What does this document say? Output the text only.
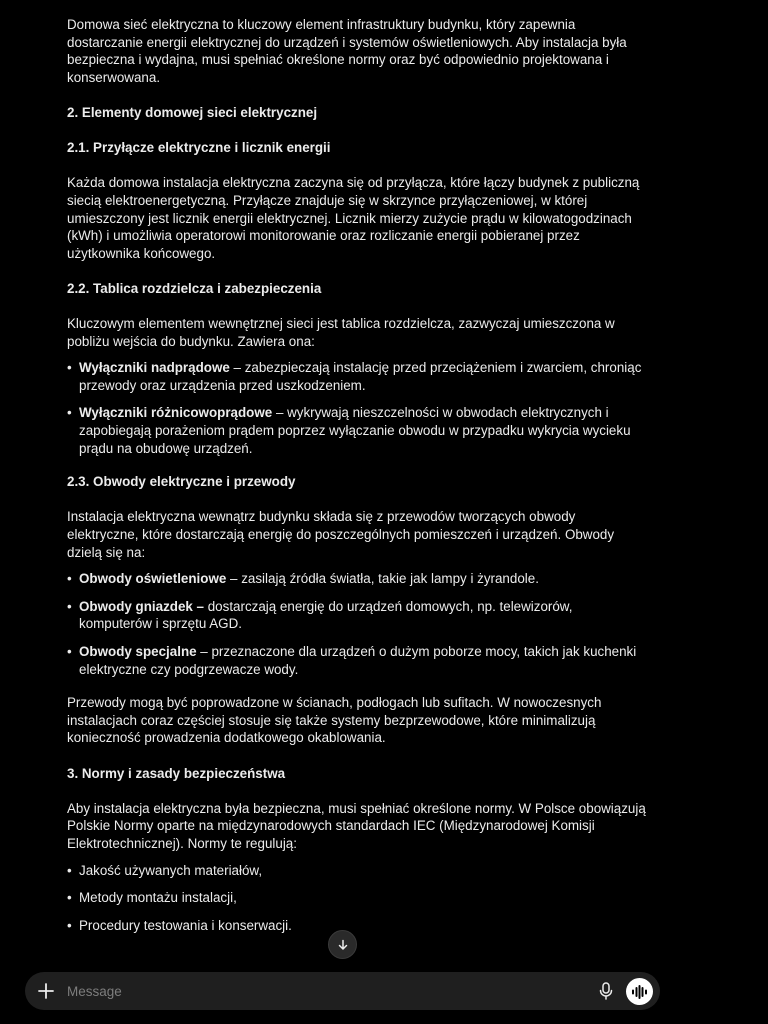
Domowa sieć elektryczna to kluczowy element infrastruktury budynku, który zapewnia dostarczanie energii elektrycznej do urządzeń i systemów oświetleniowych. Aby instalacja była bezpieczna i wydajna, musi spełniać określone normy oraz być odpowiednio projektowana i konserwowana.

2. Elementy domowej sieci elektrycznej
2.1. Przyłącze elektryczne i licznik energii

Każda domowa instalacja elektryczna zaczyna się od przyłącza, które łączy budynek z publiczną siecią elektroenergetyczną. Przyłącze znajduje się w skrzynce przyłączeniowej, w której umieszczony jest licznik energii elektrycznej. Licznik mierzy zużycie prądu w kilowatogodzinach (kWh) i umożliwia operatorowi monitorowanie oraz rozliczanie energii pobieranej przez użytkownika końcowego.

2.2. Tablica rozdzielcza i zabezpieczenia

Kluczowym elementem wewnętrznej sieci jest tablica rozdzielcza, zazwyczaj umieszczona w pobliżu wejścia do budynku. Zawiera ona:

• Wyłączniki nadprądowe – zabezpieczają instalację przed przeciążeniem i zwarciem, chroniąc przewody oraz urządzenia przed uszkodzeniem.
• Wyłączniki różnicowoprądowe – wykrywają nieszczelności w obwodach elektrycznych i zapobiegają porażeniom prądem poprzez wyłączanie obwodu w przypadku wykrycia wycieku prądu na obudowę urządzeń.
2.3. Obwody elektryczne i przewody

Instalacja elektryczna wewnątrz budynku składa się z przewodów tworzących obwody elektryczne, które dostarczają energię do poszczególnych pomieszczeń i urządzeń. Obwody dzielą się na:

• Obwody oświetleniowe – zasilają źródła światła, takie jak lampy i żyrandole.
• Obwody gniazdek – dostarczają energię do urządzeń domowych, np. telewizorów, komputerów i sprzętu AGD.
• Obwody specjalne – przeznaczone dla urządzeń o dużym poborze mocy, takich jak kuchenki elektryczne czy podgrzewacze wody.

Przewody mogą być poprowadzone w ścianach, podłogach lub sufitach. W nowoczesnych instalacjach coraz częściej stosuje się także systemy bezprzewodowe, które minimalizują konieczność prowadzenia dodatkowego okablowania.

3. Normy i zasady bezpieczeństwa

Aby instalacja elektryczna była bezpieczna, musi spełniać określone normy. W Polsce obowiązują Polskie Normy oparte na międzynarodowych standardach IEC (Międzynarodowej Komisji Elektrotechnicznej). Normy te regulują:

• Jakość używanych materiałów,
• Metody montażu instalacji,
• Procedury testowania i konserwacji.
Message
